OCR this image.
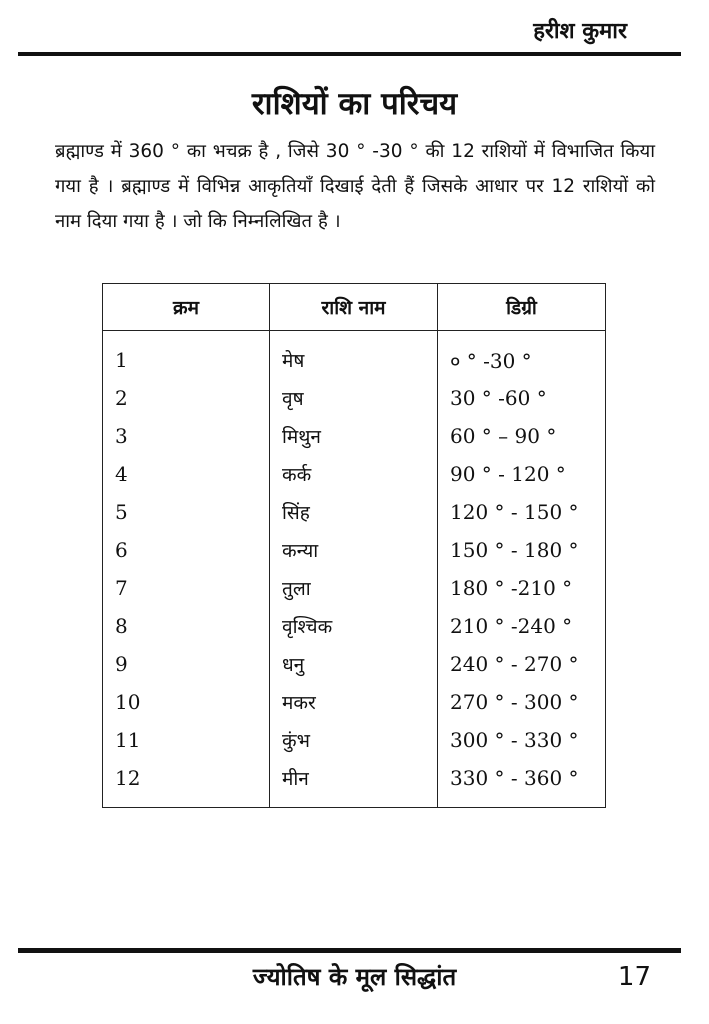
हरीश कुमार
राशियों का परिचय
ब्रह्माण्ड में 360 ° का भचक्र है , जिसे 30 ° -30 ° की 12 राशियों में विभाजित किया गया है । ब्रह्माण्ड में विभिन्न आकृतियाँ दिखाई देती हैं जिसके आधार पर 12 राशियों को नाम दिया गया है । जो कि निम्नलिखित है ।
क्रम	राशि नाम	डिग्री
1	मेष	० ° -30 °
2	वृष	30 ° -60 °
3	मिथुन	60 ° – 90 °
4	कर्क	90 ° - 120 °
5	सिंह	120 ° - 150 °
6	कन्या	150 ° - 180 °
7	तुला	180 ° -210 °
8	वृश्चिक	210 ° -240 °
9	धनु	240 ° - 270 °
10	मकर	270 ° - 300 °
11	कुंभ	300 ° - 330 °
12	मीन	330 ° - 360 °
ज्योतिष के मूल सिद्धांत	17
